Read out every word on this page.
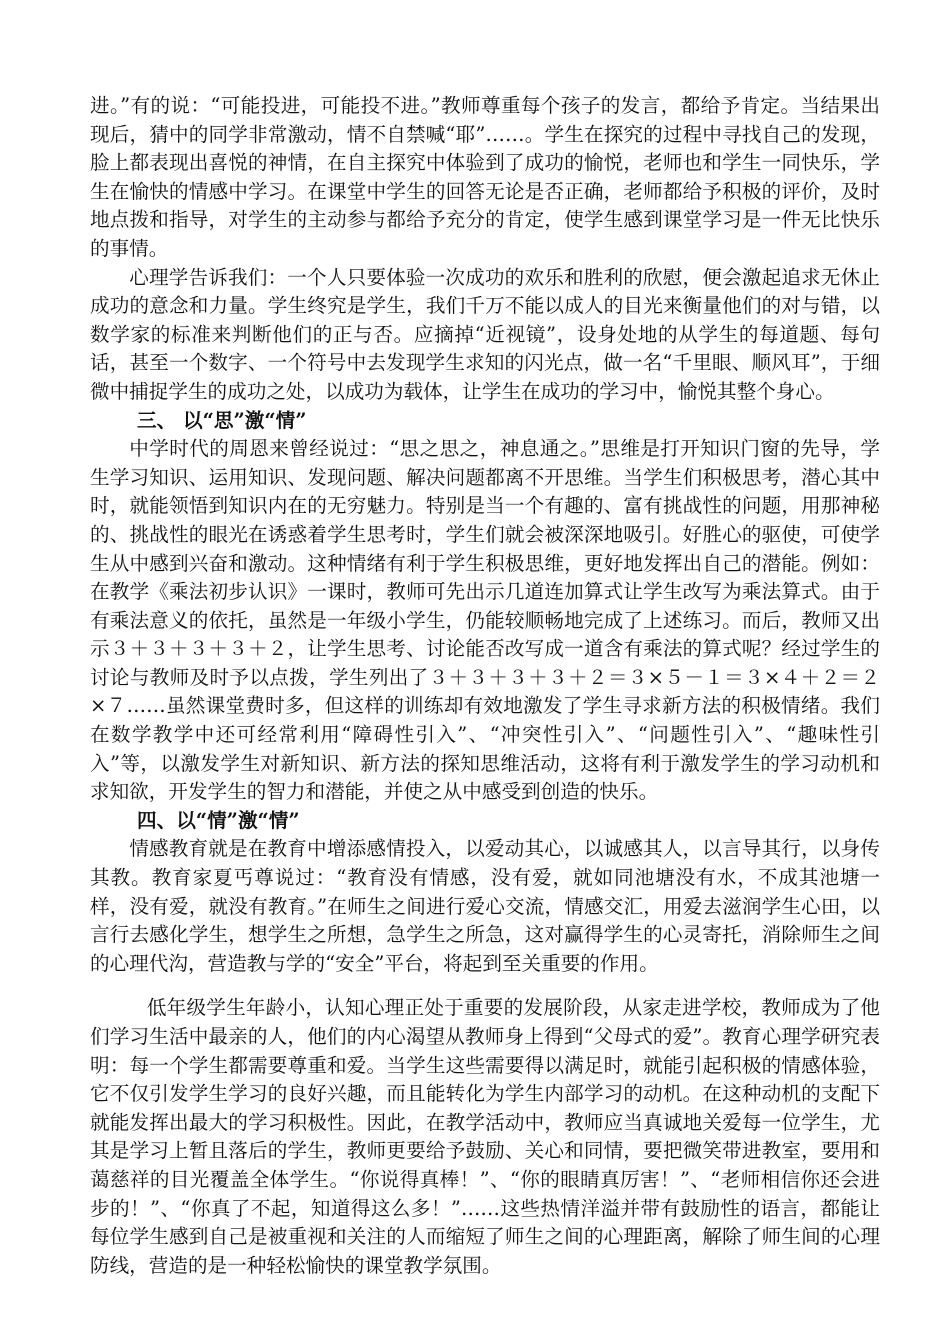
进。”有的说：“可能投进，可能投不进。”教师尊重每个孩子的发言，都给予肯定。当结果出现后，猜中的同学非常激动，情不自禁喊“耶”……。学生在探究的过程中寻找自己的发现，脸上都表现出喜悦的神情，在自主探究中体验到了成功的愉悦，老师也和学生一同快乐，学生在愉快的情感中学习。在课堂中学生的回答无论是否正确，老师都给予积极的评价，及时地点拨和指导，对学生的主动参与都给予充分的肯定，使学生感到课堂学习是一件无比快乐的事情。

心理学告诉我们：一个人只要体验一次成功的欢乐和胜利的欣慰，便会激起追求无休止成功的意念和力量。学生终究是学生，我们千万不能以成人的目光来衡量他们的对与错，以数学家的标准来判断他们的正与否。应摘掉“近视镜”，设身处地的从学生的每道题、每句话，甚至一个数字、一个符号中去发现学生求知的闪光点，做一名“千里眼、顺风耳”，于细微中捕捉学生的成功之处，以成功为载体，让学生在成功的学习中，愉悦其整个身心。

三、 以“思”激“情”

中学时代的周恩来曾经说过：“思之思之，神息通之。”思维是打开知识门窗的先导，学生学习知识、运用知识、发现问题、解决问题都离不开思维。当学生们积极思考，潜心其中时，就能领悟到知识内在的无穷魅力。特别是当一个有趣的、富有挑战性的问题，用那神秘的、挑战性的眼光在诱惑着学生思考时，学生们就会被深深地吸引。好胜心的驱使，可使学生从中感到兴奋和激动。这种情绪有利于学生积极思维，更好地发挥出自己的潜能。例如：在教学《乘法初步认识》一课时，教师可先出示几道连加算式让学生改写为乘法算式。由于有乘法意义的依托，虽然是一年级小学生，仍能较顺畅地完成了上述练习。而后，教师又出示３＋３＋３＋３＋２，让学生思考、讨论能否改写成一道含有乘法的算式呢？经过学生的讨论与教师及时予以点拨，学生列出了３＋３＋３＋３＋２＝３×５－１＝３×４＋２＝２×７……虽然课堂费时多，但这样的训练却有效地激发了学生寻求新方法的积极情绪。我们在数学教学中还可经常利用“障碍性引入”、“冲突性引入”、“问题性引入”、“趣味性引入”等，以激发学生对新知识、新方法的探知思维活动，这将有利于激发学生的学习动机和求知欲，开发学生的智力和潜能，并使之从中感受到创造的快乐。

四、以“情”激“情”

情感教育就是在教育中增添感情投入，以爱动其心，以诚感其人，以言导其行，以身传其教。教育家夏丐尊说过：“教育没有情感，没有爱，就如同池塘没有水，不成其池塘一样，没有爱，就没有教育。”在师生之间进行爱心交流，情感交汇，用爱去滋润学生心田，以言行去感化学生，想学生之所想，急学生之所急，这对赢得学生的心灵寄托，消除师生之间的心理代沟，营造教与学的“安全”平台，将起到至关重要的作用。

低年级学生年龄小，认知心理正处于重要的发展阶段，从家走进学校，教师成为了他们学习生活中最亲的人，他们的内心渴望从教师身上得到“父母式的爱”。教育心理学研究表明：每一个学生都需要尊重和爱。当学生这些需要得以满足时，就能引起积极的情感体验，它不仅引发学生学习的良好兴趣，而且能转化为学生内部学习的动机。在这种动机的支配下就能发挥出最大的学习积极性。因此，在教学活动中，教师应当真诚地关爱每一位学生，尤其是学习上暂且落后的学生，教师更要给予鼓励、关心和同情，要把微笑带进教室，要用和蔼慈祥的目光覆盖全体学生。“你说得真棒！”、“你的眼睛真厉害！”、“老师相信你还会进步的！”、“你真了不起，知道得这么多！”……这些热情洋溢并带有鼓励性的语言，都能让每位学生感到自己是被重视和关注的人而缩短了师生之间的心理距离，解除了师生间的心理防线，营造的是一种轻松愉快的课堂教学氛围。
